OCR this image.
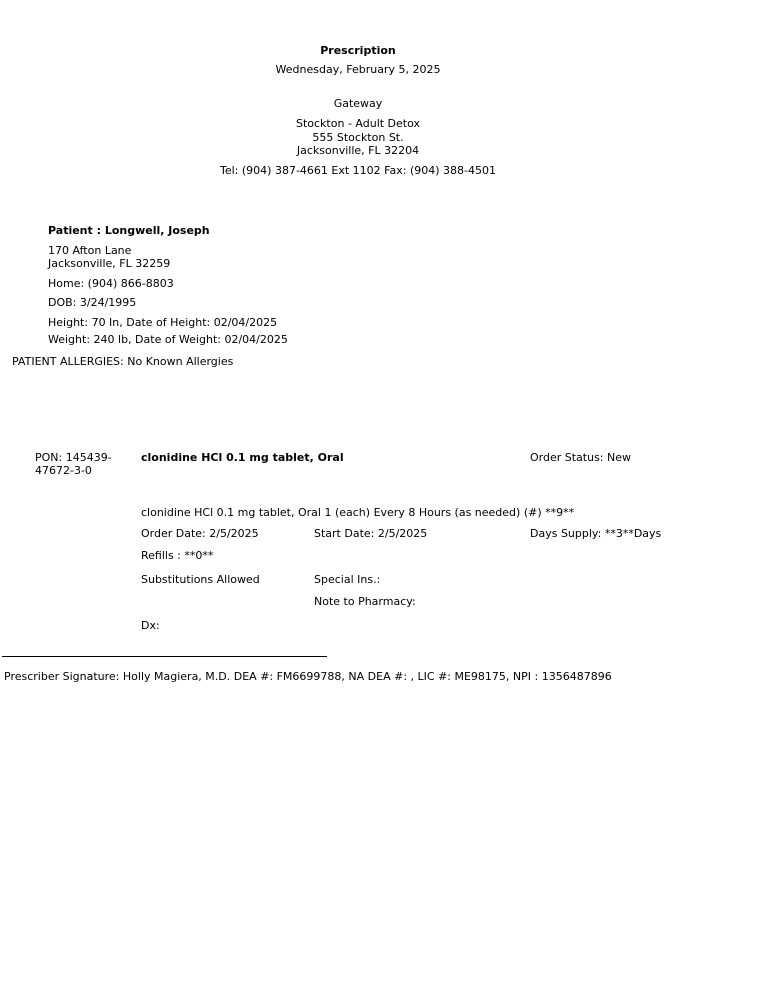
Prescription
Wednesday, February 5, 2025
Gateway
Stockton - Adult Detox
555 Stockton St.
Jacksonville, FL 32204
Tel: (904) 387-4661 Ext 1102 Fax: (904) 388-4501
Patient : Longwell, Joseph
170 Afton Lane
Jacksonville, FL 32259
Home: (904) 866-8803
DOB: 3/24/1995
Height: 70 In, Date of Height: 02/04/2025
Weight: 240 lb, Date of Weight: 02/04/2025
PATIENT ALLERGIES: No Known Allergies
PON: 145439-
47672-3-0
clonidine HCl 0.1 mg tablet, Oral	Order Status: New
clonidine HCl 0.1 mg tablet, Oral 1 (each) Every 8 Hours (as needed) (#) **9**
Order Date: 2/5/2025	Start Date: 2/5/2025	Days Supply: **3**Days
Refills : **0**
Substitutions Allowed	Special Ins.:
Note to Pharmacy:
Dx:
Prescriber Signature: Holly Magiera, M.D. DEA #: FM6699788, NA DEA #: , LIC #: ME98175, NPI : 1356487896
